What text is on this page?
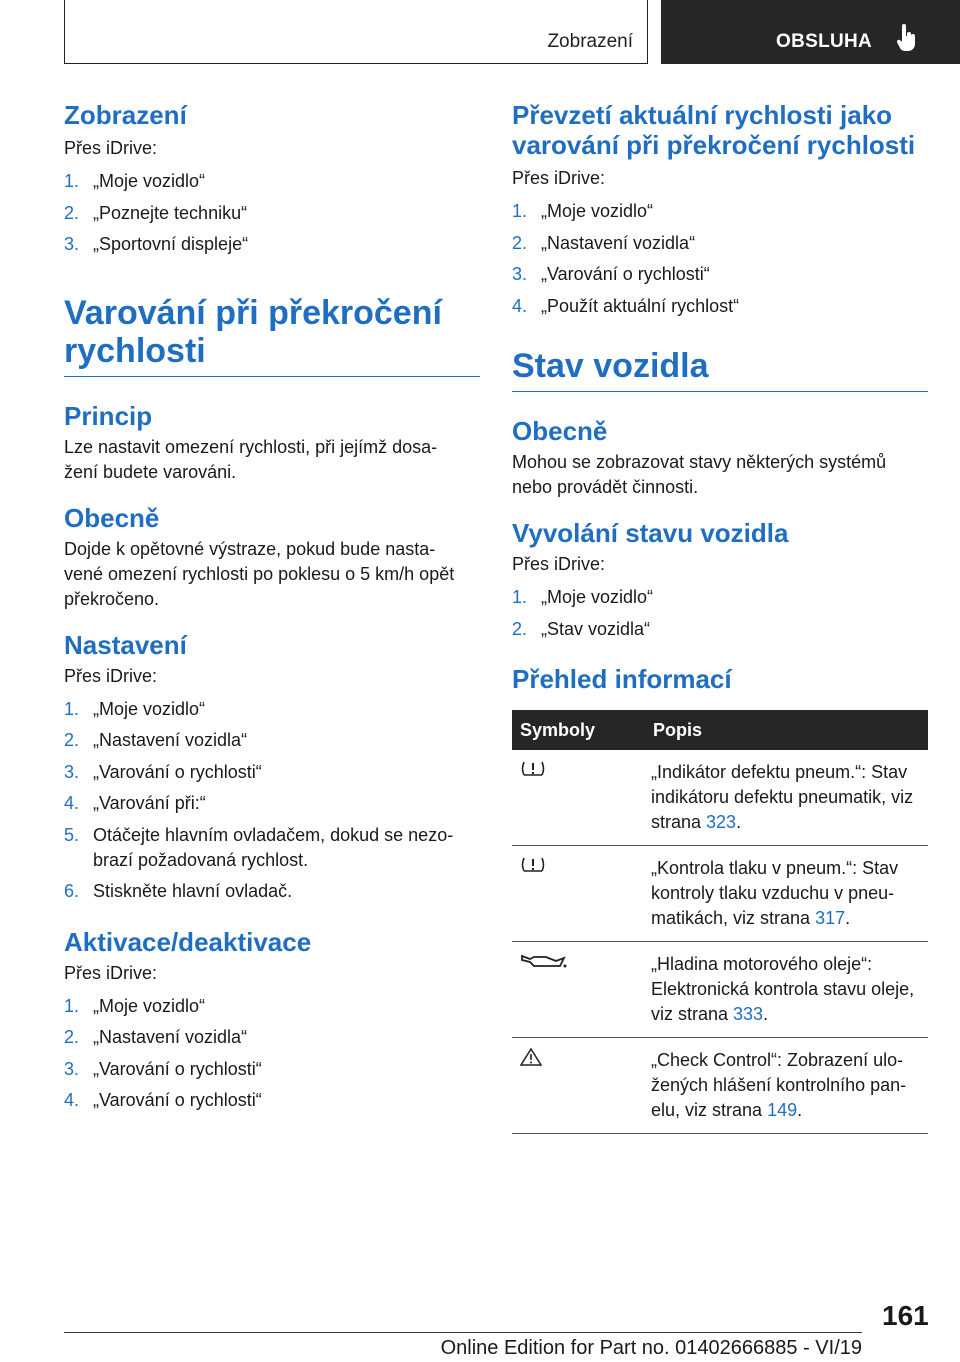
Zobrazení	OBSLUHA
Zobrazení

Přes iDrive:

1. „Moje vozidlo“
2. „Poznejte techniku“
3. „Sportovní displeje“
Varování při překročení
rychlosti
Princip

Lze nastavit omezení rychlosti, při jejímž dosa-
žení budete varováni.

Obecně

Dojde k opětovné výstraze, pokud bude nasta-
vené omezení rychlosti po poklesu o 5 km/h opět
překročeno.

Nastavení

Přes iDrive:

1. „Moje vozidlo“
2. „Nastavení vozidla“
3. „Varování o rychlosti“
4. „Varování při:“
5. Otáčejte hlavním ovladačem, dokud se nezo-
brazí požadovaná rychlost.
6. Stiskněte hlavní ovladač.
Aktivace/deaktivace

Přes iDrive:

1. „Moje vozidlo“
2. „Nastavení vozidla“
3. „Varování o rychlosti“
4. „Varování o rychlosti“
Převzetí aktuální rychlosti jako
varování při překročení rychlosti

Přes iDrive:

1. „Moje vozidlo“
2. „Nastavení vozidla“
3. „Varování o rychlosti“
4. „Použít aktuální rychlost“
Stav vozidla
Obecně

Mohou se zobrazovat stavy některých systémů
nebo provádět činnosti.

Vyvolání stavu vozidla

Přes iDrive:

1. „Moje vozidlo“
2. „Stav vozidla“
Přehled informací
Symboly	Popis
	„Indikátor defektu pneum.“: Stav
indikátoru defektu pneumatik, viz
strana 323.
	„Kontrola tlaku v pneum.“: Stav
kontroly tlaku vzduchu v pneu-
matikách, viz strana 317.
	„Hladina motorového oleje“:
Elektronická kontrola stavu oleje,
viz strana 333.
	„Check Control“: Zobrazení ulo-
žených hlášení kontrolního pan-
elu, viz strana 149.
161
Online Edition for Part no. 01402666885 - VI/19
